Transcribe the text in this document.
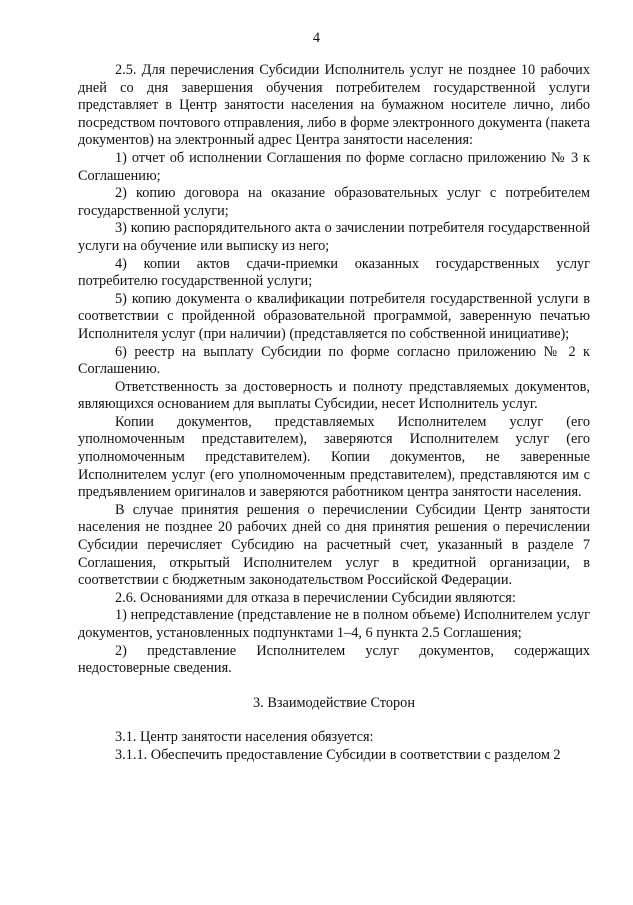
4

2.5. Для перечисления Субсидии Исполнитель услуг не позднее 10 рабочих дней со дня завершения обучения потребителем государственной услуги представляет в Центр занятости населения на бумажном носителе лично, либо посредством почтового отправления, либо в форме электронного документа (пакета документов) на электронный адрес Центра занятости населения:

1) отчет об исполнении Соглашения по форме согласно приложению № 3 к Соглашению;

2) копию договора на оказание образовательных услуг с потребителем государственной услуги;

3) копию распорядительного акта о зачислении потребителя государственной услуги на обучение или выписку из него;

4) копии актов сдачи-приемки оказанных государственных услуг потребителю государственной услуги;

5) копию документа о квалификации потребителя государственной услуги в соответствии с пройденной образовательной программой, заверенную печатью Исполнителя услуг (при наличии) (представляется по собственной инициативе);

6) реестр на выплату Субсидии по форме согласно приложению № 2 к Соглашению.

Ответственность за достоверность и полноту представляемых документов, являющихся основанием для выплаты Субсидии, несет Исполнитель услуг.

Копии документов, представляемых Исполнителем услуг (его уполномоченным представителем), заверяются Исполнителем услуг (его уполномоченным представителем). Копии документов, не заверенные Исполнителем услуг (его уполномоченным представителем), представляются им с предъявлением оригиналов и заверяются работником центра занятости населения.

В случае принятия решения о перечислении Субсидии Центр занятости населения не позднее 20 рабочих дней со дня принятия решения о перечислении Субсидии перечисляет Субсидию на расчетный счет, указанный в разделе 7 Соглашения, открытый Исполнителем услуг в кредитной организации, в соответствии с бюджетным законодательством Российской Федерации.

2.6. Основаниями для отказа в перечислении Субсидии являются:

1) непредставление (представление не в полном объеме) Исполнителем услуг документов, установленных подпунктами 1–4, 6 пункта 2.5 Соглашения;

2) представление Исполнителем услуг документов, содержащих недостоверные сведения.

3. Взаимодействие Сторон

3.1. Центр занятости населения обязуется:

3.1.1. Обеспечить предоставление Субсидии в соответствии с разделом 2
